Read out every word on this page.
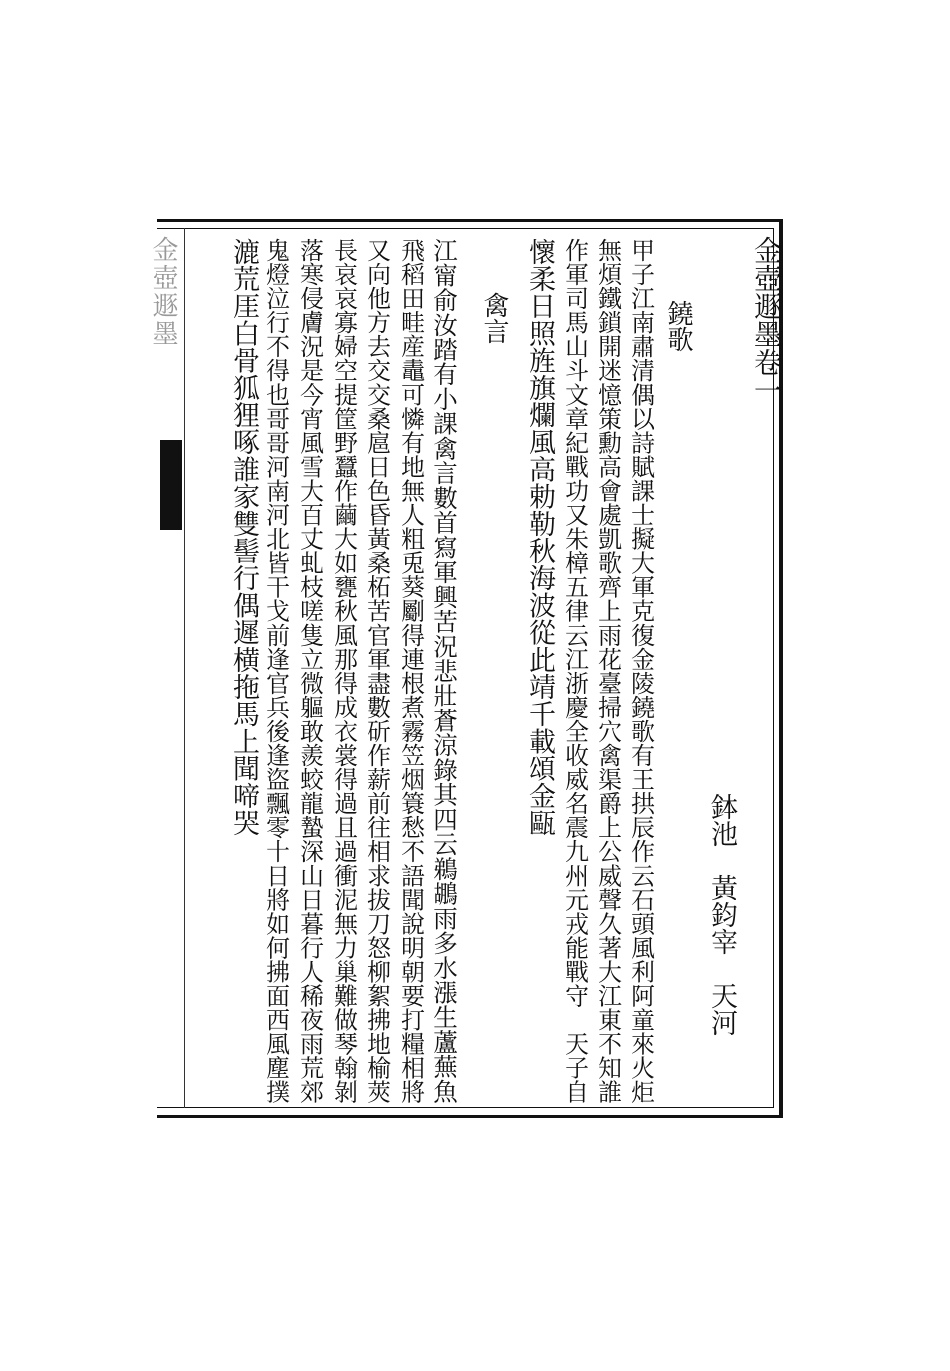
金壺遯墨	金壺遯墨卷一
鉢池　黃鈞宰　天河
鐃歌
甲子江南肅清偶以詩賦課士擬大軍克復金陵鐃歌有王拱辰作云石頭風利阿童來火炬
無煩鐵鎖開迷憶策勳高會處凱歌齊上雨花臺掃穴禽渠爵上公威聲久著大江東不知誰
作軍司馬山斗文章紀戰功又朱樟五律云江浙慶全收威名震九州元戎能戰守　天子自
懷柔日照旌旗爛風高勅勒秋海波從此靖千載頌金甌
禽言
江甯俞汝踏有小課禽言數首寫軍興苦況悲壯蒼涼錄其四云鵜鶘雨多水漲生蘆蕪魚
飛稻田畦産鼃可憐有地無人粗兎葵劚得連根煮霧笠烟簑愁不語聞說明朝要打糧相將
又向他方去交交桑扈日色昏黃桑柘苦官軍盡數斫作薪前往相求拔刀怒柳絮拂地榆莢
長哀哀寡婦空提筐野蠶作繭大如甕秋風那得成衣裳得過且過衝泥無力巢難做琴翰剝
落寒侵膚況是今宵風雪大百丈虬枝嗟隻立微軀敢羨蛟龍蟄深山日暮行人稀夜雨荒郊
鬼燈泣行不得也哥哥河南河北皆干戈前逢官兵後逢盜飄零十日將如何拂面西風塵撲
漉荒厓白骨狐狸啄誰家雙髻行偶遲横拖馬上聞啼哭
